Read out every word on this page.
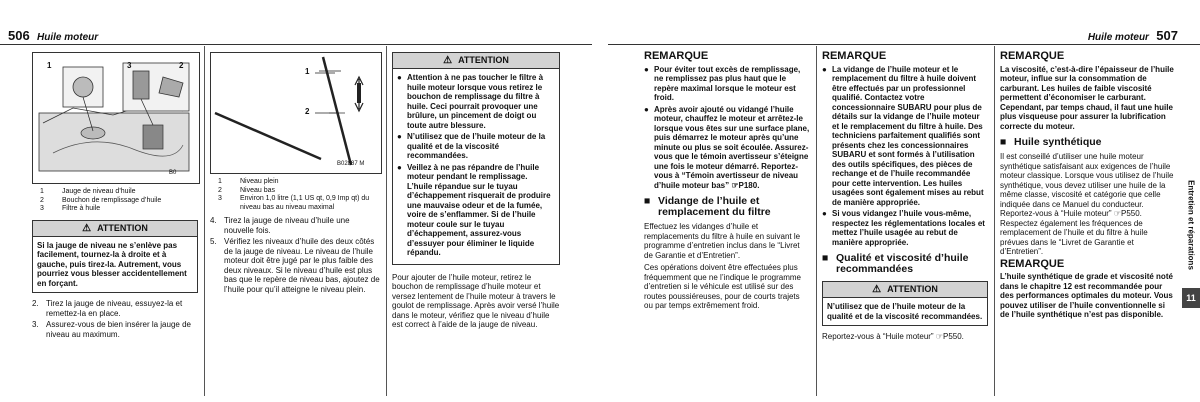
506 Huile moteur
1	2
3
B0
1	Jauge de niveau d’huile
2	Bouchon de remplissage d’huile
3	Filtre à huile
⚠ ATTENTION
Si la jauge de niveau ne s’enlève pas facilement, tournez-la à droite et à gauche, puis tirez-la. Autrement, vous pourriez vous blesser accidentellement en forçant.
2. Tirez la jauge de niveau, essuyez-la et remettez-la en place.
3. Assurez-vous de bien insérer la jauge de niveau au maximum.
1
2
B02887 M
1	Niveau plein
2	Niveau bas
3	Environ 1,0 litre (1,1 US qt, 0,9 Imp qt) du niveau bas au niveau maximal
4. Tirez la jauge de niveau d’huile une nouvelle fois.
5. Vérifiez les niveaux d’huile des deux côtés de la jauge de niveau. Le niveau de l’huile moteur doit être jugé par le plus faible des deux niveaux. Si le niveau d’huile est plus bas que le repère de niveau bas, ajoutez de l’huile pour qu’il atteigne le niveau plein.
⚠ ATTENTION
● Attention à ne pas toucher le filtre à huile moteur lorsque vous retirez le bouchon de remplissage du filtre à huile. Ceci pourrait provoquer une brûlure, un pincement de doigt ou toute autre blessure.
● N’utilisez que de l’huile moteur de la qualité et de la viscosité recommandées.
● Veillez à ne pas répandre de l’huile moteur pendant le remplissage. L’huile répandue sur le tuyau d’échappement risquerait de produire une mauvaise odeur et de la fumée, voire de s’enflammer. Si de l’huile moteur coule sur le tuyau d’échappement, assurez-vous d’essuyer pour éliminer le liquide répandu.
Pour ajouter de l’huile moteur, retirez le bouchon de remplissage d’huile moteur et versez lentement de l’huile moteur à travers le goulot de remplissage. Après avoir versé l’huile dans le moteur, vérifiez que le niveau d’huile est correct à l’aide de la jauge de niveau.
Huile moteur 507
REMARQUE
● Pour éviter tout excès de remplissage, ne remplissez pas plus haut que le repère maximal lorsque le moteur est froid.
● Après avoir ajouté ou vidangé l’huile moteur, chauffez le moteur et arrêtez-le lorsque vous êtes sur une surface plane, puis démarrez le moteur après qu’une minute ou plus se soit écoulée. Assurez-vous que le témoin avertisseur s’éteigne une fois le moteur démarré. Reportez-vous à “Témoin avertisseur de niveau d’huile moteur bas” ☞P180.
■ Vidange de l’huile et remplacement du filtre
Effectuez les vidanges d’huile et remplacements du filtre à huile en suivant le programme d’entretien inclus dans le “Livret de Garantie et d’Entretien”.
Ces opérations doivent être effectuées plus fréquemment que ne l’indique le programme d’entretien si le véhicule est utilisé sur des routes poussiéreuses, pour de courts trajets ou par temps extrêmement froid.
REMARQUE
● La vidange de l’huile moteur et le remplacement du filtre à huile doivent être effectués par un professionnel qualifié. Contactez votre concessionnaire SUBARU pour plus de détails sur la vidange de l’huile moteur et le remplacement du filtre à huile. Des techniciens parfaitement qualifiés sont présents chez les concessionnaires SUBARU et sont formés à l’utilisation des outils spécifiques, des pièces de rechange et de l’huile recommandée pour cette intervention. Les huiles usagées sont également mises au rebut de manière appropriée.
● Si vous vidangez l’huile vous-même, respectez les réglementations locales et mettez l’huile usagée au rebut de manière appropriée.
■ Qualité et viscosité d’huile recommandées
⚠ ATTENTION
N’utilisez que de l’huile moteur de la qualité et de la viscosité recommandées.
Reportez-vous à “Huile moteur” ☞P550.
REMARQUE
La viscosité, c’est-à-dire l’épaisseur de l’huile moteur, influe sur la consommation de carburant. Les huiles de faible viscosité permettent d’économiser le carburant. Cependant, par temps chaud, il faut une huile plus visqueuse pour assurer la lubrification correcte du moteur.
■ Huile synthétique
Il est conseillé d’utiliser une huile moteur synthétique satisfaisant aux exigences de l’huile moteur classique. Lorsque vous utilisez de l’huile synthétique, vous devez utiliser une huile de la même classe, viscosité et catégorie que celle indiquée dans ce Manuel du conducteur. Reportez-vous à “Huile moteur” ☞P550. Respectez également les fréquences de remplacement de l’huile et du filtre à huile prévues dans le “Livret de Garantie et d’Entretien”.
REMARQUE
L’huile synthétique de grade et viscosité noté dans le chapitre 12 est recommandée pour des performances optimales du moteur. Vous pouvez utiliser de l’huile conventionnelle si de l’huile synthétique n’est pas disponible.
Entretien et réparations
11
